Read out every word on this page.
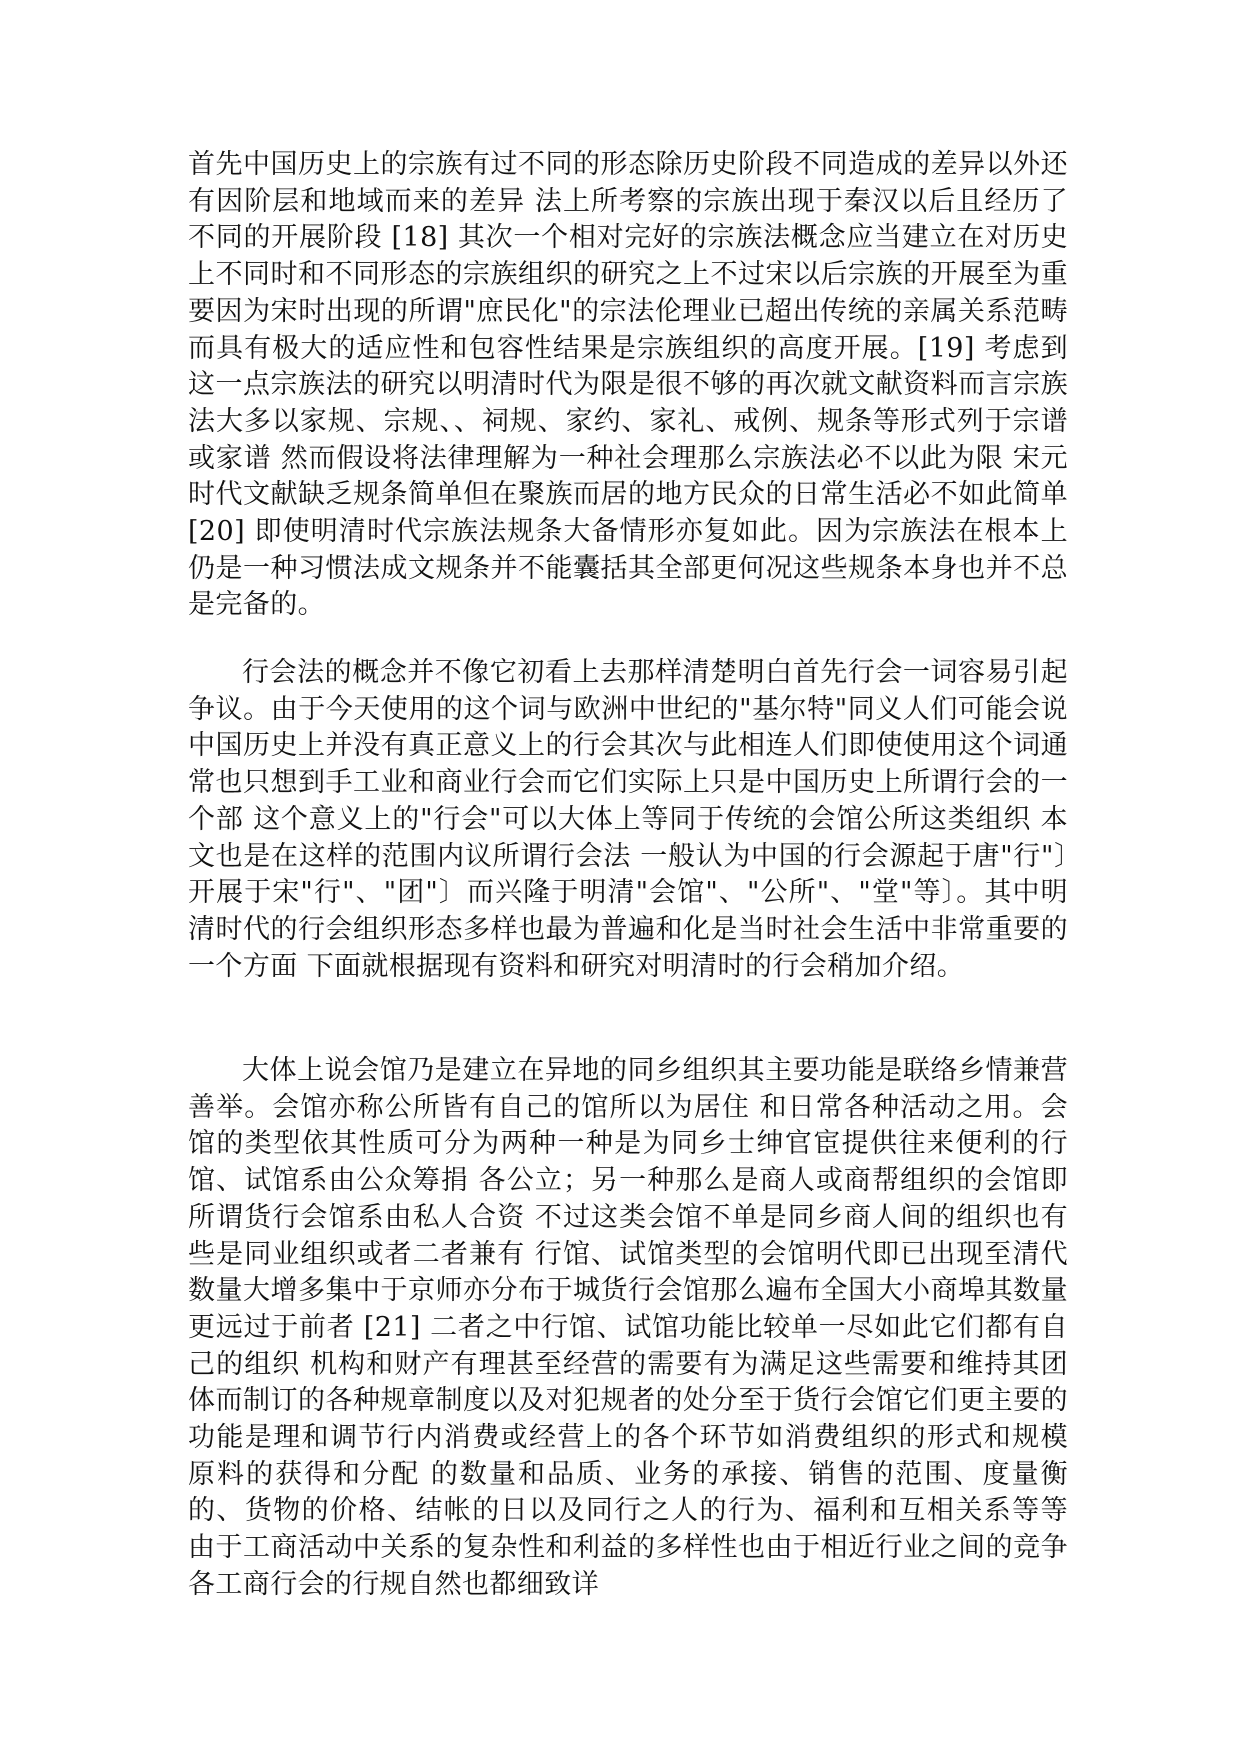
首先中国历史上的宗族有过不同的形态除历史阶段不同造成的差异以外还有因阶层和地域而来的差异 法上所考察的宗族出现于秦汉以后且经历了不同的开展阶段 [18] 其次一个相对完好的宗族法概念应当建立在对历史上不同时和不同形态的宗族组织的研究之上不过宋以后宗族的开展至为重要因为宋时出现的所谓"庶民化"的宗法伦理业已超出传统的亲属关系范畴而具有极大的适应性和包容性结果是宗族组织的高度开展。[19] 考虑到这一点宗族法的研究以明清时代为限是很不够的再次就文献资料而言宗族法大多以家规、宗规、、祠规、家约、家礼、戒例、规条等形式列于宗谱或家谱 然而假设将法律理解为一种社会理那么宗族法必不以此为限 宋元时代文献缺乏规条简单但在聚族而居的地方民众的日常生活必不如此简单 [20] 即使明清时代宗族法规条大备情形亦复如此。因为宗族法在根本上仍是一种习惯法成文规条并不能囊括其全部更何况这些规条本身也并不总是完备的。

行会法的概念并不像它初看上去那样清楚明白首先行会一词容易引起争议。由于今天使用的这个词与欧洲中世纪的"基尔特"同义人们可能会说中国历史上并没有真正意义上的行会其次与此相连人们即使使用这个词通常也只想到手工业和商业行会而它们实际上只是中国历史上所谓行会的一个部 这个意义上的"行会"可以大体上等同于传统的会馆公所这类组织 本文也是在这样的范围内议所谓行会法 一般认为中国的行会源起于唐"行"〕开展于宋"行"、"团"〕而兴隆于明清"会馆"、"公所"、"堂"等〕。其中明清时代的行会组织形态多样也最为普遍和化是当时社会生活中非常重要的一个方面 下面就根据现有资料和研究对明清时的行会稍加介绍。

大体上说会馆乃是建立在异地的同乡组织其主要功能是联络乡情兼营善举。会馆亦称公所皆有自己的馆所以为居住 和日常各种活动之用。会馆的类型依其性质可分为两种一种是为同乡士绅官宦提供往来便利的行馆、试馆系由公众筹捐 各公立；另一种那么是商人或商帮组织的会馆即所谓货行会馆系由私人合资 不过这类会馆不单是同乡商人间的组织也有些是同业组织或者二者兼有 行馆、试馆类型的会馆明代即已出现至清代数量大增多集中于京师亦分布于城货行会馆那么遍布全国大小商埠其数量更远过于前者 [21] 二者之中行馆、试馆功能比较单一尽如此它们都有自己的组织 机构和财产有理甚至经营的需要有为满足这些需要和维持其团体而制订的各种规章制度以及对犯规者的处分至于货行会馆它们更主要的功能是理和调节行内消费或经营上的各个环节如消费组织的形式和规模 原料的获得和分配 的数量和品质、业务的承接、销售的范围、度量衡的、货物的价格、结帐的日以及同行之人的行为、福利和互相关系等等 由于工商活动中关系的复杂性和利益的多样性也由于相近行业之间的竞争各工商行会的行规自然也都细致详
